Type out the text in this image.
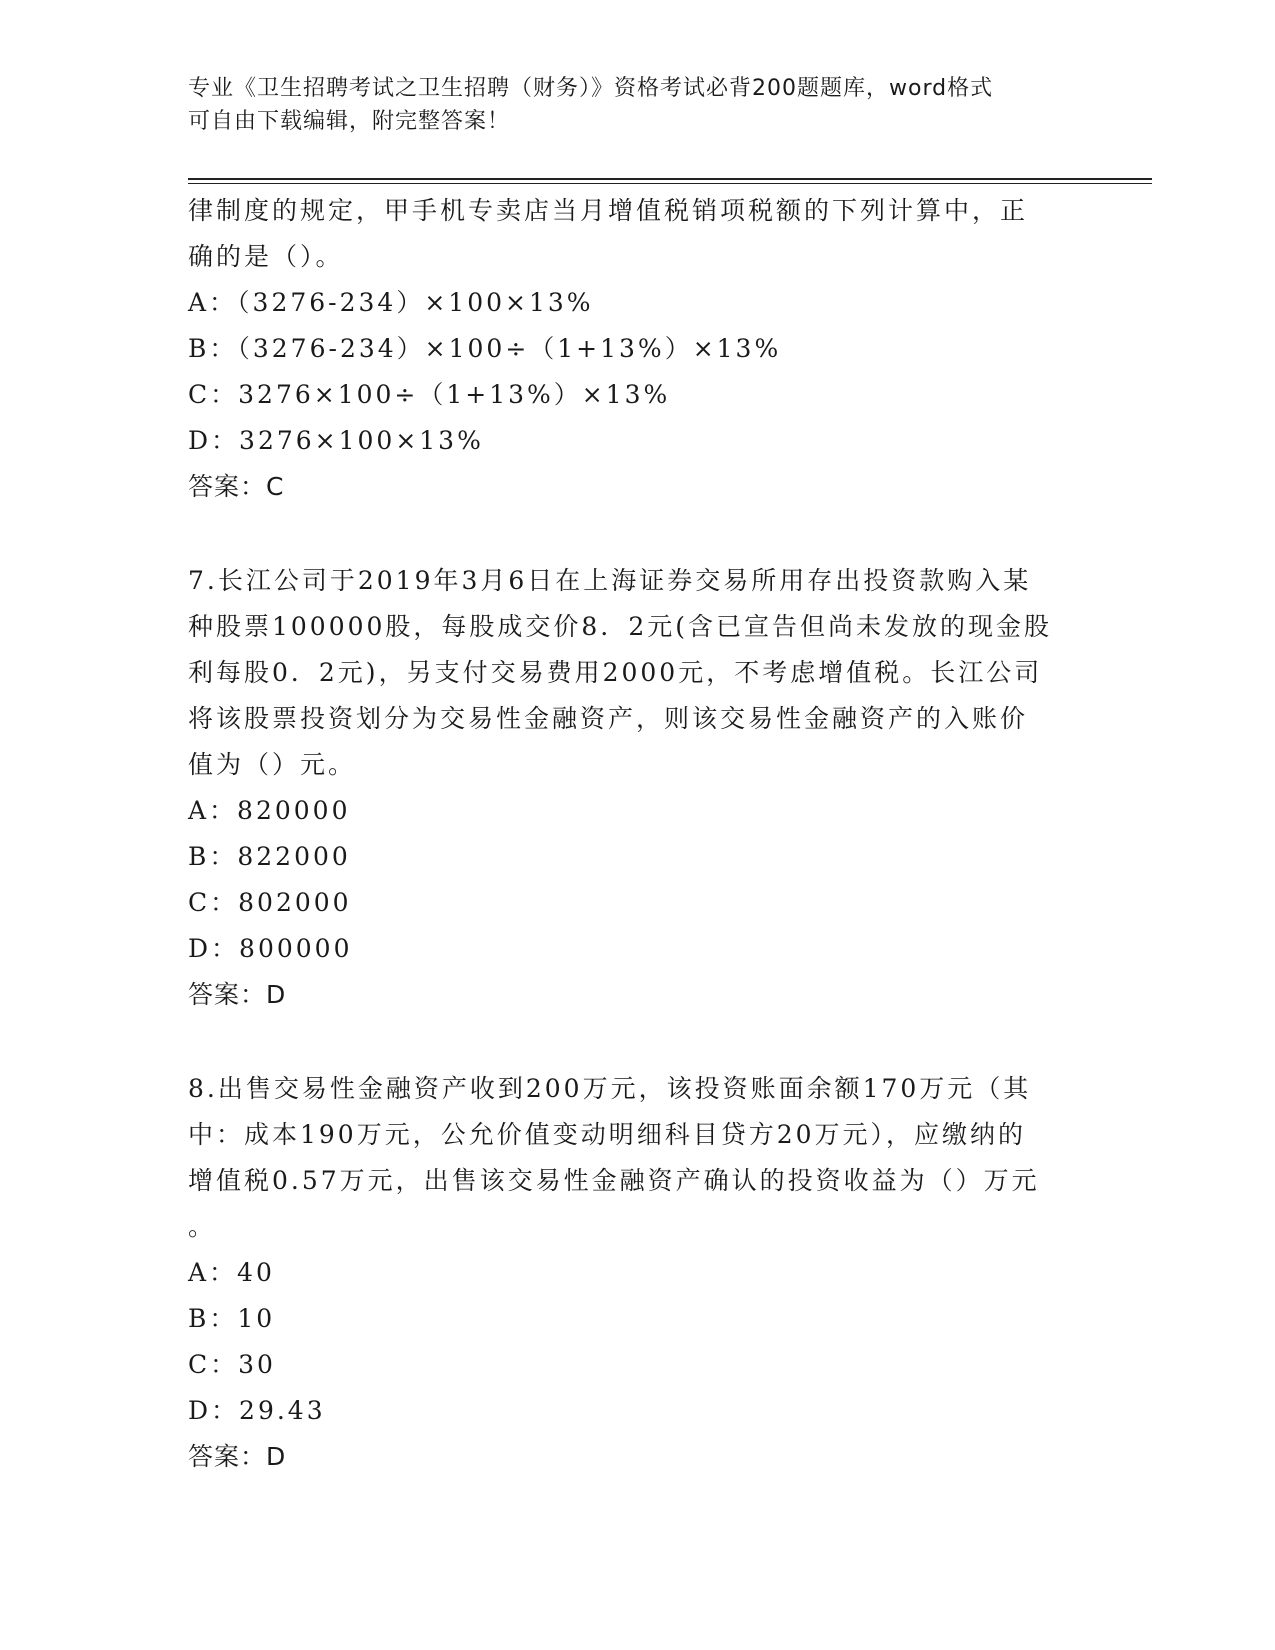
专业《卫生招聘考试之卫生招聘（财务）》资格考试必背200题题库，word格式
可自由下载编辑，附完整答案！
律制度的规定，甲手机专卖店当月增值税销项税额的下列计算中，正
确的是（）。
A：（3276-234）×100×13%
B：（3276-234）×100÷（1+13%）×13%
C：3276×100÷（1+13%）×13%
D：3276×100×13%
答案：C
7.长江公司于2019年3月6日在上海证券交易所用存出投资款购入某
种股票100000股，每股成交价8．2元(含已宣告但尚未发放的现金股
利每股0．2元)，另支付交易费用2000元，不考虑增值税。长江公司
将该股票投资划分为交易性金融资产，则该交易性金融资产的入账价
值为（）元。
A：820000
B：822000
C：802000
D：800000
答案：D
8.出售交易性金融资产收到200万元，该投资账面余额170万元（其
中：成本190万元，公允价值变动明细科目贷方20万元），应缴纳的
增值税0.57万元，出售该交易性金融资产确认的投资收益为（）万元
。
A：40
B：10
C：30
D：29.43
答案：D
